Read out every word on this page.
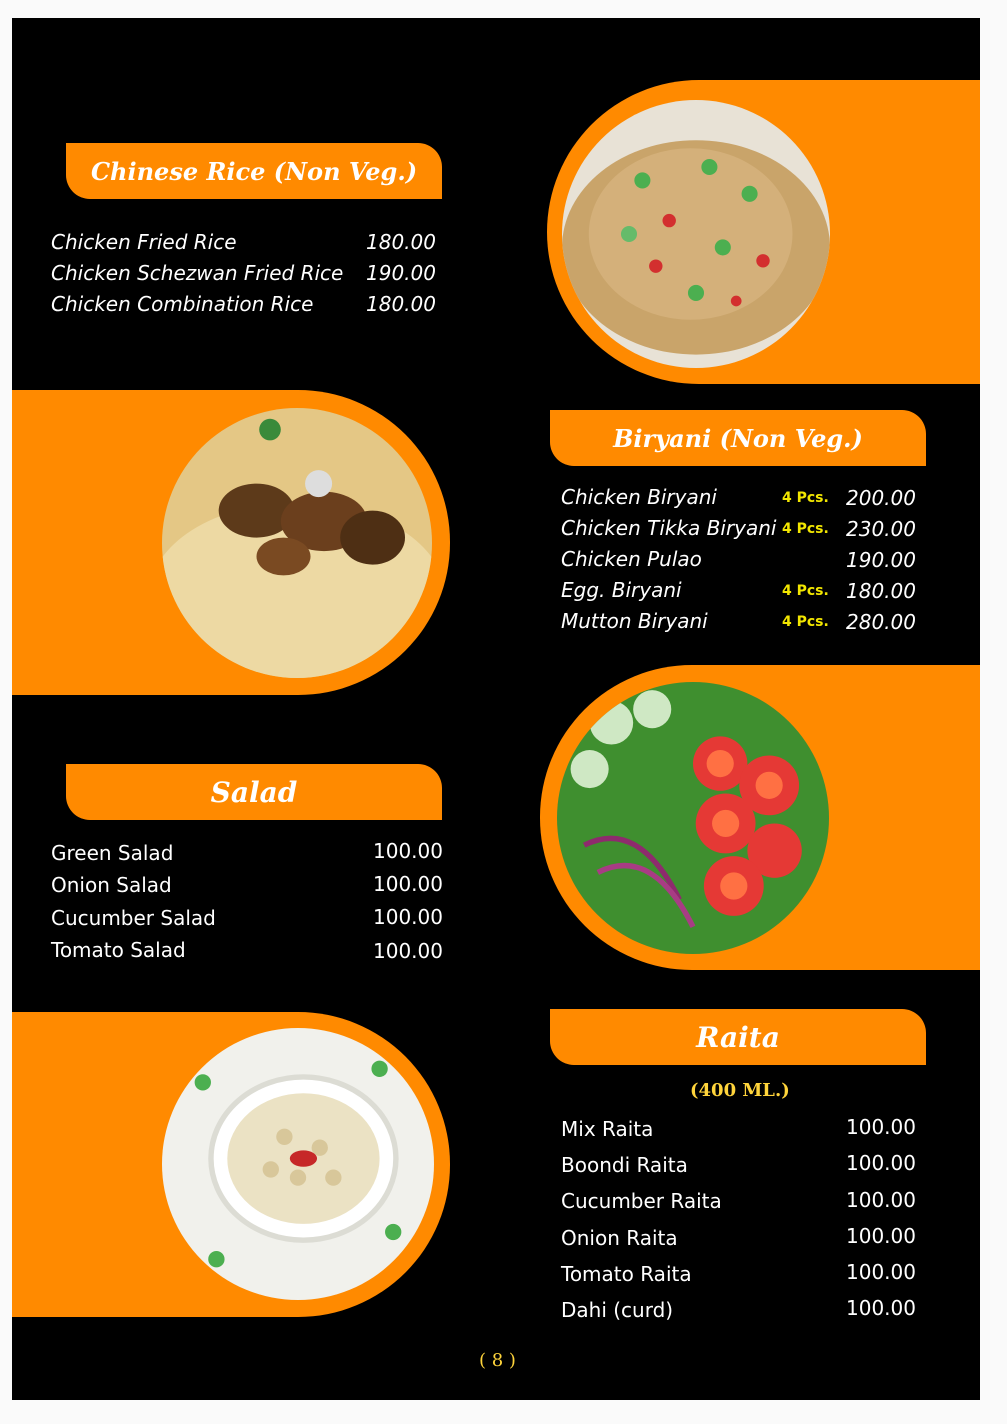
Chinese Rice (Non Veg.)
Chicken Fried Rice	180.00
Chicken Schezwan Fried Rice 190.00
Chicken Combination Rice	180.00
Biryani (Non Veg.)
Chicken Biryani	4 Pcs. 200.00
Chicken Tikka Biryani 4 Pcs. 230.00
Chicken Pulao	190.00
Egg. Biryani	4 Pcs. 180.00
Mutton Biryani	4 Pcs. 280.00
Salad
Green Salad	100.00
Onion Salad	100.00
Cucumber Salad	100.00
Tomato Salad	100.00
Raita
(400 ML.)
Mix Raita	100.00
Boondi Raita	100.00
Cucumber Raita	100.00
Onion Raita	100.00
Tomato Raita	100.00
Dahi (curd)	100.00
( 8 )
